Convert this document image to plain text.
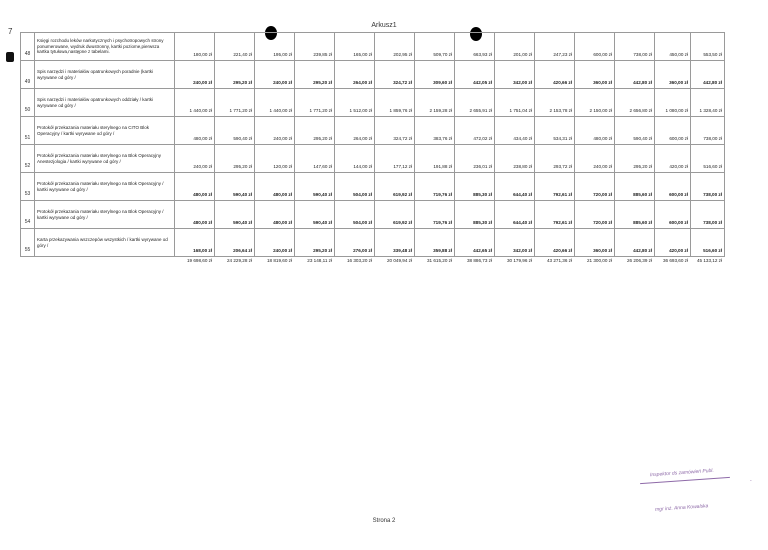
Arkusz1
7
48	Księgi rozchodu leków narkotycznych i psychotropowych strony ponumerowane, wydruk dwustronny, kartki poziome,pierwsza kartka tytułowa,następne z tabelami.	180,00 zł	221,40 zł	195,00 zł	239,85 zł	165,00 zł	202,95 zł	509,70 zł	663,93 zł	201,00 zł	247,23 zł	600,00 zł	738,00 zł	450,00 zł	553,50 zł
49	Spis narzędzi i materiałów opatrunkowych poradnie (kartki wyrywane od góry /	240,00 zł	295,20 zł	240,00 zł	295,20 zł	264,00 zł	324,72 zł	309,60 zł	442,05 zł	342,00 zł	420,66 zł	360,00 zł	442,80 zł	360,00 zł	442,80 zł
50	Spis narzędzi i materiałów opatrunkowych oddziały / kartki wyrywane od góry /	1 440,00 zł	1 771,20 zł	1 440,00 zł	1 771,20 zł	1 512,00 zł	1 859,76 zł	2 159,28 zł	2 655,91 zł	1 751,04 zł	2 153,78 zł	2 150,00 zł	2 656,80 zł	1 080,00 zł	1 328,40 zł
51	Protokół przekazania materiału sterylnego na CITO Blok Operacyjny / kartki wyrywane od góry /	480,00 zł	590,40 zł	240,00 zł	295,20 zł	264,00 zł	324,72 zł	383,76 zł	472,02 zł	434,40 zł	534,31 zł	480,00 zł	590,40 zł	600,00 zł	738,00 zł
52	Protokół przekazania materiału sterylnego na Blok Operacyjny Anestezjologia / kartki wyrywane od góry /	240,00 zł	295,20 zł	120,00 zł	147,60 zł	144,00 zł	177,12 zł	191,88 zł	236,01 zł	238,80 zł	293,72 zł	240,00 zł	295,20 zł	420,00 zł	516,60 zł
53	Protokół przekazania materiału sterylnego na Blok Operacyjny / kartki wyrywane od góry /	480,00 zł	590,40 zł	480,00 zł	590,40 zł	504,00 zł	619,92 zł	719,76 zł	885,30 zł	644,40 zł	792,61 zł	720,00 zł	885,60 zł	600,00 zł	738,00 zł
54	Protokół przekazania materiału sterylnego na Blok Operacyjny / kartki wyrywane od góry /	480,00 zł	590,40 zł	480,00 zł	590,40 zł	504,00 zł	619,92 zł	719,76 zł	885,30 zł	644,40 zł	792,61 zł	720,00 zł	885,60 zł	600,00 zł	738,00 zł
55	Karta przekazywania wszczepów wszystkich / kartki wyrywane od góry /	168,00 zł	206,64 zł	240,00 zł	295,20 zł	276,00 zł	339,48 zł	359,88 zł	442,65 zł	342,00 zł	420,66 zł	360,00 zł	442,80 zł	420,00 zł	516,60 zł
		19 698,60 zł	24 229,28 zł	18 819,60 zł	23 148,11 zł	16 303,20 zł	20 049,94 zł	31 615,20 zł	38 886,73 zł	30 179,96 zł	43 271,36 zł	21 300,00 zł	26 206,39 zł	36 693,60 zł	45 133,12 zł
Strona 2
Inspektor ds zamówień Publ.
mgr inż. Anna Kowalska
-
